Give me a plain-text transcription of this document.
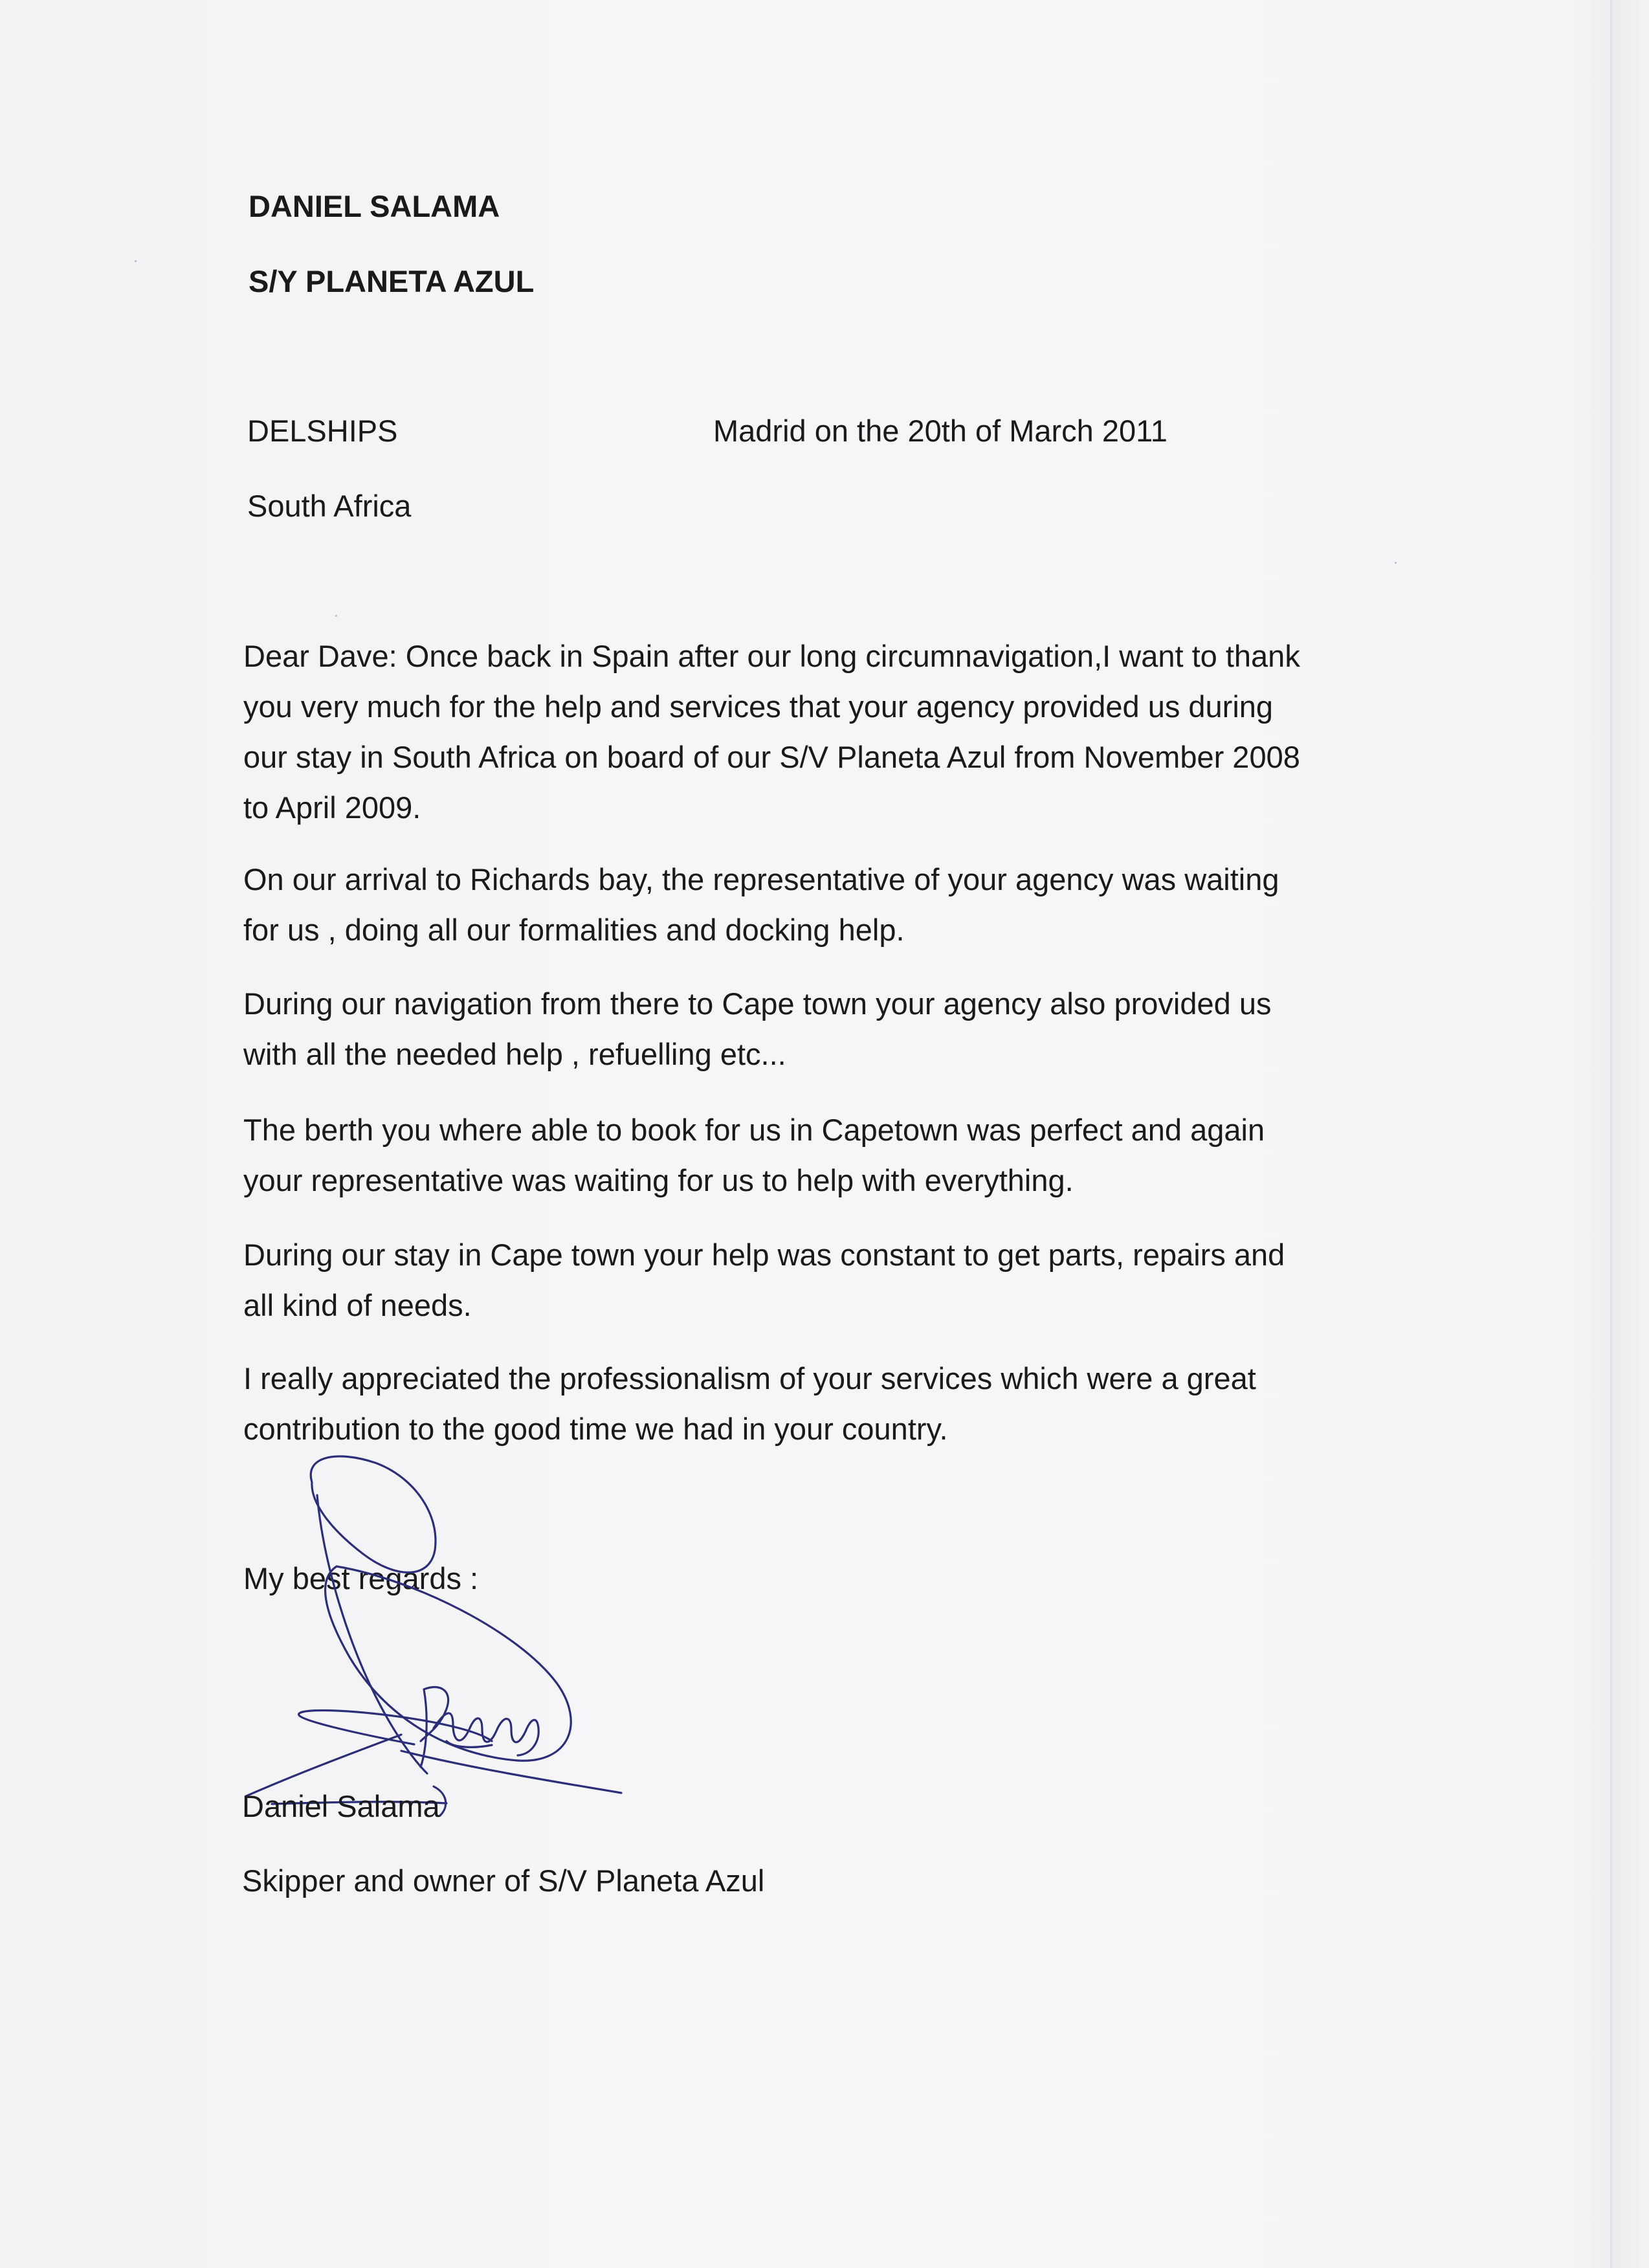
DANIEL SALAMA

S/Y PLANETA AZUL

DELSHIPS	Madrid on the 20th of March 2011

South Africa

Dear Dave: Once back in Spain after our long circumnavigation,I want to thank
you very much for the help and services that your agency provided us during
our stay in South Africa on board of our S/V Planeta Azul from November 2008
to April 2009.
On our arrival to Richards bay, the representative of your agency was waiting
for us , doing all our formalities and docking help.
During our navigation from there to Cape town your agency also provided us
with all the needed help , refuelling etc...
The berth you where able to book for us in Capetown was perfect and again
your representative was waiting for us to help with everything.
During our stay in Cape town your help was constant to get parts, repairs and
all kind of needs.
I really appreciated the professionalism of your services which were a great
contribution to the good time we had in your country.

My best regards :

Daniel Salama

Skipper and owner of S/V Planeta Azul
